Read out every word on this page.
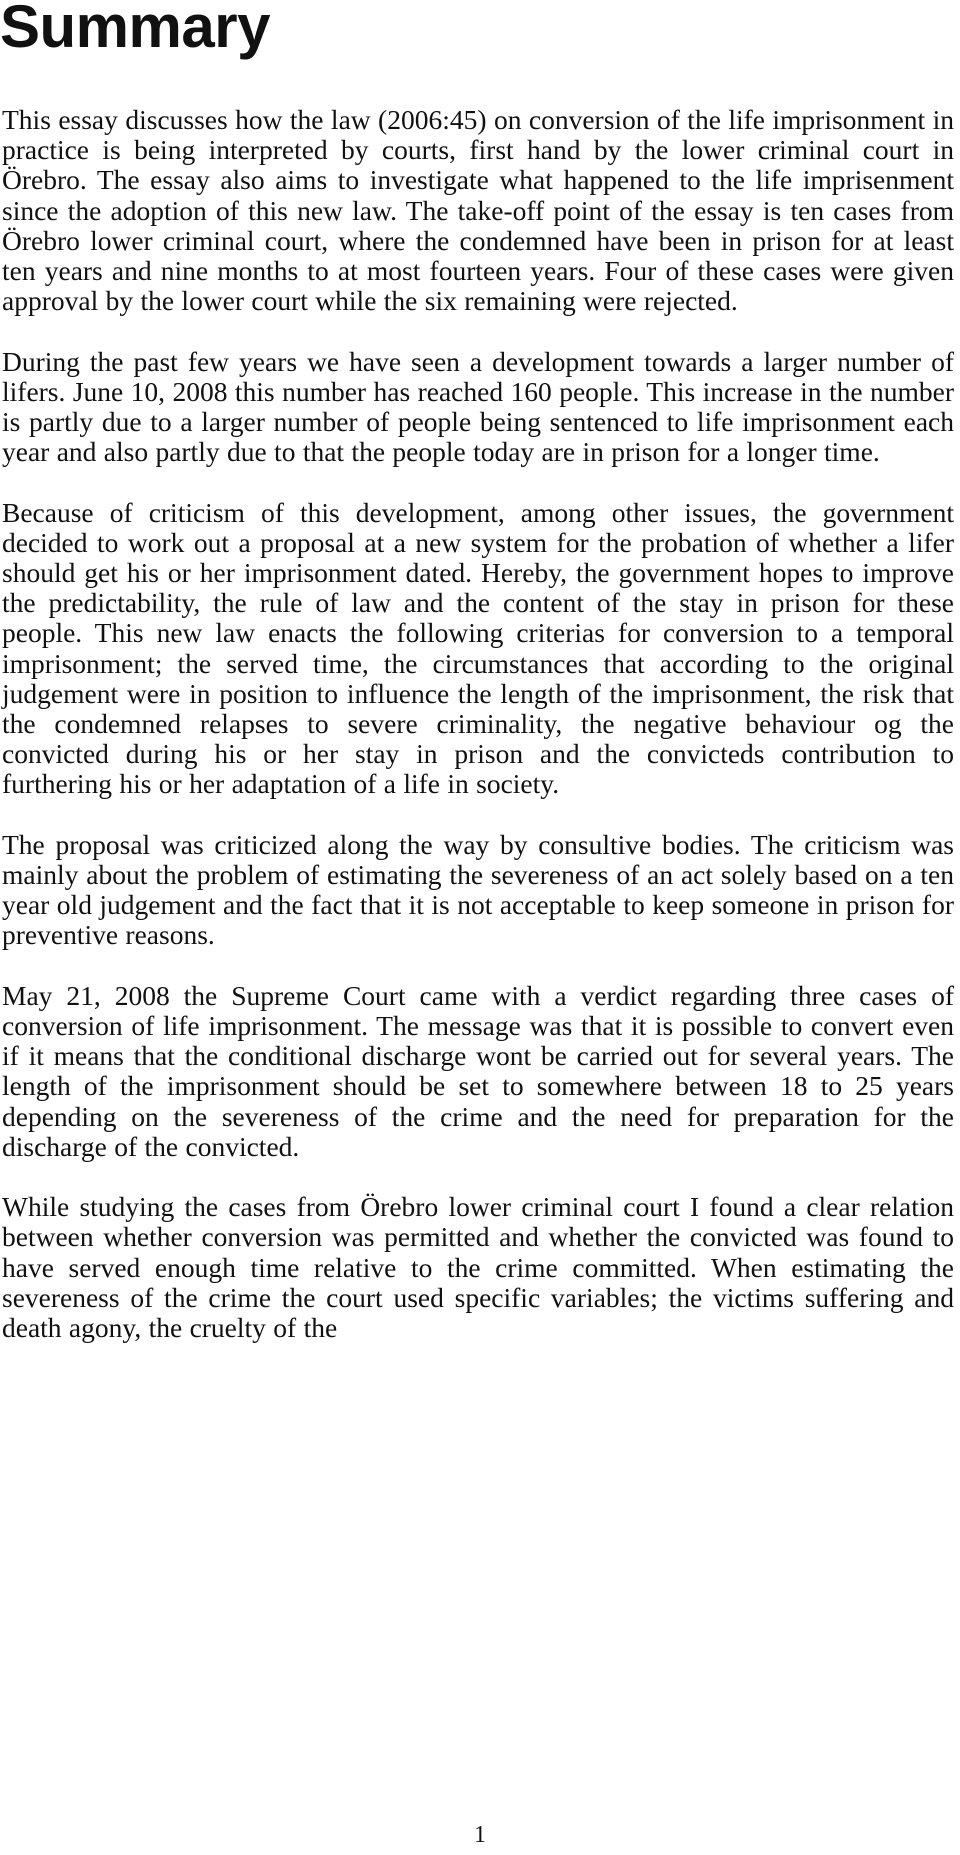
Summary

This essay discusses how the law (2006:45) on conversion of the life imprisonment in practice is being interpreted by courts, first hand by the lower criminal court in Örebro. The essay also aims to investigate what happened to the life imprisenment since the adoption of this new law. The take-off point of the essay is ten cases from Örebro lower criminal court, where the condemned have been in prison for at least ten years and nine months to at most fourteen years. Four of these cases were given approval by the lower court while the six remaining were rejected.

During the past few years we have seen a development towards a larger number of lifers. June 10, 2008 this number has reached 160 people. This increase in the number is partly due to a larger number of people being sentenced to life imprisonment each year and also partly due to that the people today are in prison for a longer time.

Because of criticism of this development, among other issues, the government decided to work out a proposal at a new system for the probation of whether a lifer should get his or her imprisonment dated. Hereby, the government hopes to improve the predictability, the rule of law and the content of the stay in prison for these people. This new law enacts the following criterias for conversion to a temporal imprisonment; the served time, the circumstances that according to the original judgement were in position to influence the length of the imprisonment, the risk that the condemned relapses to severe criminality, the negative behaviour og the convicted during his or her stay in prison and the convicteds contribution to furthering his or her adaptation of a life in society.

The proposal was criticized along the way by consultive bodies. The criticism was mainly about the problem of estimating the severeness of an act solely based on a ten year old judgement and the fact that it is not acceptable to keep someone in prison for preventive reasons.

May 21, 2008 the Supreme Court came with a verdict regarding three cases of conversion of life imprisonment. The message was that it is possible to convert even if it means that the conditional discharge wont be carried out for several years. The length of the imprisonment should be set to somewhere between 18 to 25 years depending on the severeness of the crime and the need for preparation for the discharge of the convicted.

While studying the cases from Örebro lower criminal court I found a clear relation between whether conversion was permitted and whether the convicted was found to have served enough time relative to the crime committed. When estimating the severeness of the crime the court used specific variables; the victims suffering and death agony, the cruelty of the

1
